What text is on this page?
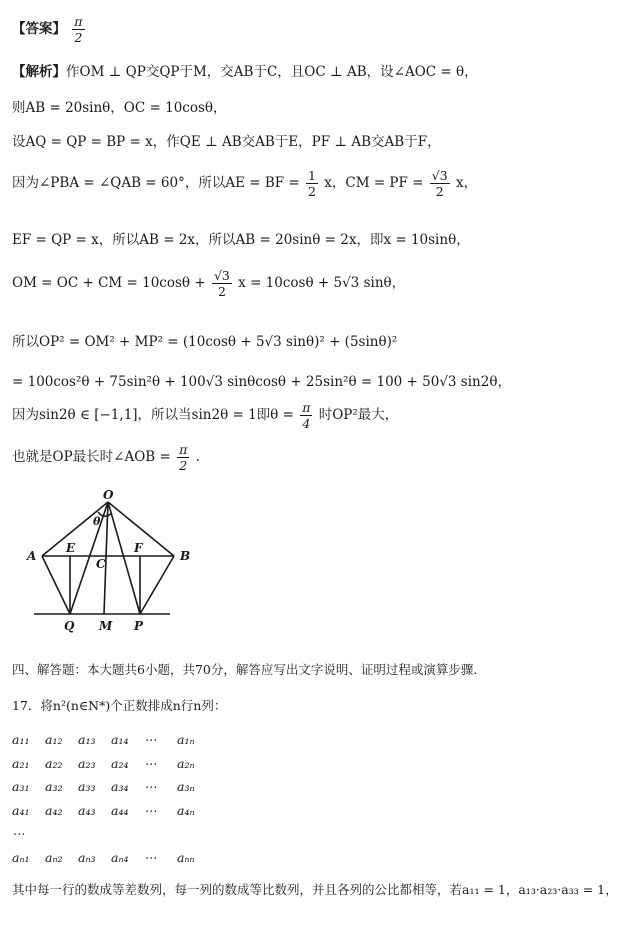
【答案】 $\frac{\pi}{2}$
【解析】作OM ⊥ QP交QP于M，交AB于C，且OC ⊥ AB，设∠AOC = θ，
则AB = 20sinθ，OC = 10cosθ，
设AQ = QP = BP = x，作QE ⊥ AB交AB于E，PF ⊥ AB交AB于F，
因为∠PBA = ∠QAB = 60°，所以AE = BF = $\frac{1}{2}$ x，CM = PF = $\frac{√3}{2}$ x，
EF = QP = x，所以AB = 2x，所以AB = 20sinθ = 2x，即x = 10sinθ，
OM = OC + CM = $10\cos\theta + \frac{√3}{2}$ x = 10cosθ + 5√3 sinθ，
所以OP² = OM² + MP² = (10cosθ + 5√3 sinθ)² + (5sinθ)²
= 100cos²θ + 75sin²θ + 100√3 sinθcosθ + 25sin²θ = 100 + 50√3 sin2θ，
因为sin2θ ∈ [−1,1]，所以当sin2θ = 1即$\theta = \frac{\pi}{4}$ 时OP²最大，
也就是OP最长时∠AOB = $\frac{\pi}{2}$ .
O
θ
A
E
C
F
B
Q M P
四、解答题：本大题共6小题，共70分，解答应写出文字说明、证明过程或演算步骤．
17．将n²(n∈N*)个正数排成n行n列：
a₁₁ a₁₂ a₁₃ a₁₄ ⋯ a₁ₙ
a₂₁ a₂₂ a₂₃ a₂₄ ⋯ a₂ₙ
a₃₁ a₃₂ a₃₃ a₃₄ ⋯ a₃ₙ
a₄₁ a₄₂ a₄₃ a₄₄ ⋯ a₄ₙ
⋯
aₙ₁ aₙ₂ aₙ₃ aₙ₄ ⋯ aₙₙ
其中每一行的数成等差数列，每一列的数成等比数列，并且各列的公比都相等，若a₁₁ = 1，a₁₃·a₂₃·a₃₃ = 1，
